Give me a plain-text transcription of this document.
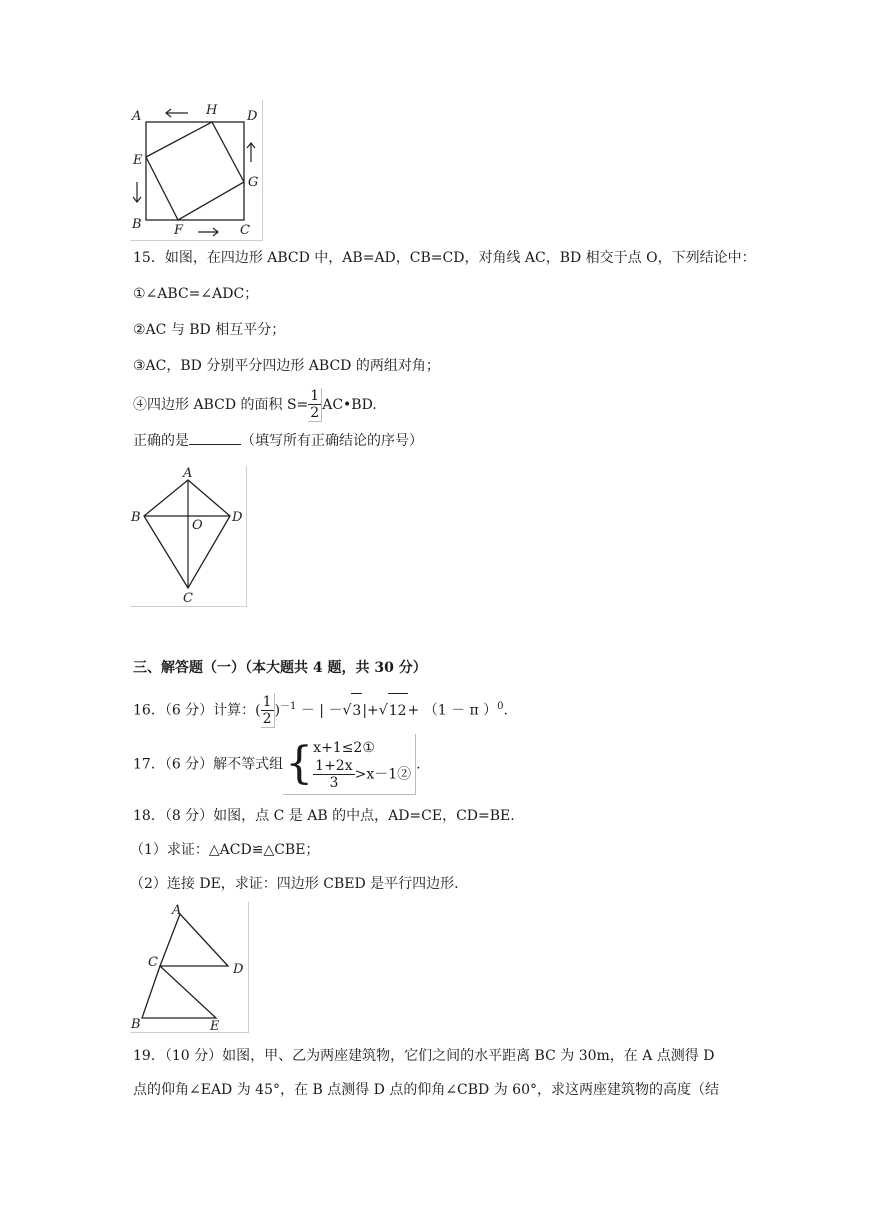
A	H D
E
G
B F	C
15．如图，在四边形 ABCD 中，AB=AD，CB=CD，对角线 AC，BD 相交于点 O，下列结论中：
①∠ABC=∠ADC；
②AC 与 BD 相互平分；
③AC，BD 分别平分四边形 ABCD 的两组对角；
④四边形 ABCD 的面积 $S= \frac{1}{2}$ AC•BD.
正确的是	（填写所有正确结论的序号）
A
B	D
O
C
三、解答题（一）（本大题共 4 题，共 30 分）
16．（6 分）计算：( $\frac{1}{2} )^{-1}$ － | －√3|+√12+ （1 － π ）$^0$.
17．（6 分）解不等式组{ x+1≤2①
$\frac{1+2x}{3}$ >x－1②
.
18．（8 分）如图，点 C 是 AB 的中点，AD=CE，CD=BE.
（1）求证：△ACD≌△CBE；
（2）连接 DE，求证：四边形 CBED 是平行四边形.
A
C	D
B	E
19．（10 分）如图，甲、乙为两座建筑物，它们之间的水平距离 BC 为 30m，在 A 点测得 D
点的仰角∠EAD 为 45°，在 B 点测得 D 点的仰角∠CBD 为 60°，求这两座建筑物的高度（结
